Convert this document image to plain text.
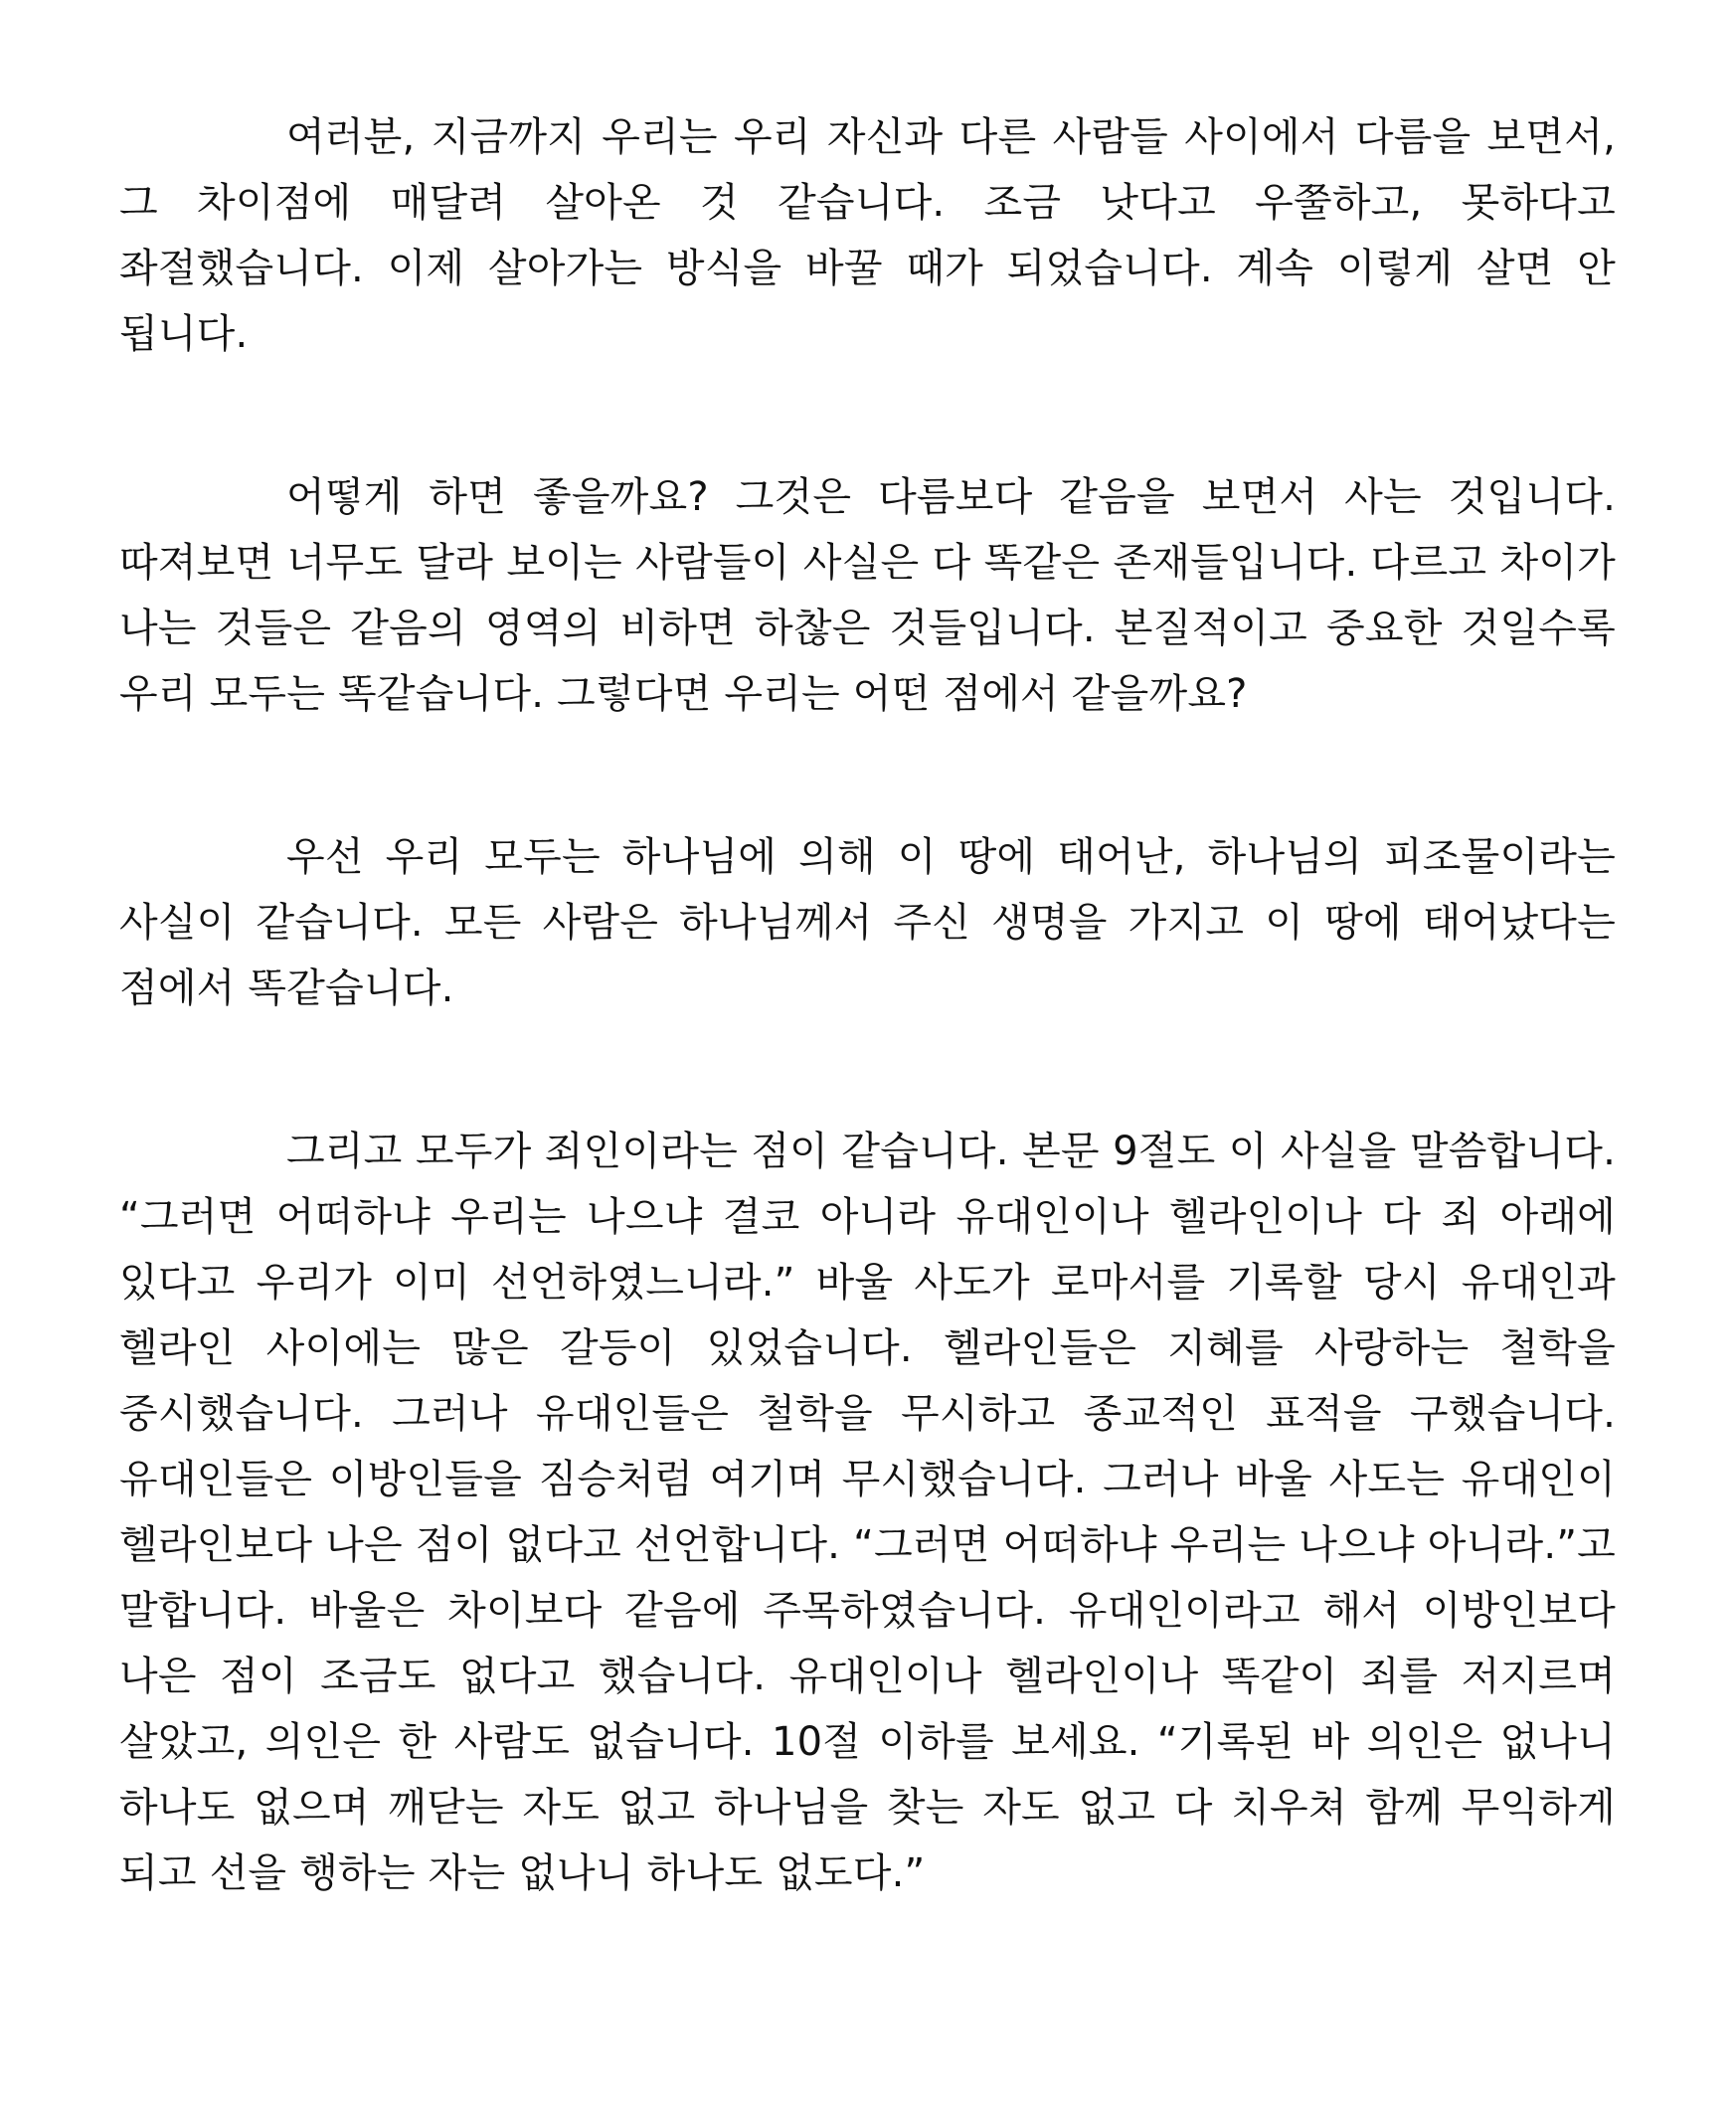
여러분, 지금까지 우리는 우리 자신과 다른 사람들 사이에서 다름을 보면서, 그 차이점에 매달려 살아온 것 같습니다. 조금 낫다고 우쭐하고, 못하다고 좌절했습니다. 이제 살아가는 방식을 바꿀 때가 되었습니다. 계속 이렇게 살면 안 됩니다.

어떻게 하면 좋을까요? 그것은 다름보다 같음을 보면서 사는 것입니다. 따져보면 너무도 달라 보이는 사람들이 사실은 다 똑같은 존재들입니다. 다르고 차이가 나는 것들은 같음의 영역의 비하면 하찮은 것들입니다. 본질적이고 중요한 것일수록 우리 모두는 똑같습니다. 그렇다면 우리는 어떤 점에서 같을까요?

우선 우리 모두는 하나님에 의해 이 땅에 태어난, 하나님의 피조물이라는 사실이 같습니다. 모든 사람은 하나님께서 주신 생명을 가지고 이 땅에 태어났다는 점에서 똑같습니다.

그리고 모두가 죄인이라는 점이 같습니다. 본문 9절도 이 사실을 말씀합니다. “그러면 어떠하냐 우리는 나으냐 결코 아니라 유대인이나 헬라인이나 다 죄 아래에 있다고 우리가 이미 선언하였느니라.” 바울 사도가 로마서를 기록할 당시 유대인과 헬라인 사이에는 많은 갈등이 있었습니다. 헬라인들은 지혜를 사랑하는 철학을 중시했습니다. 그러나 유대인들은 철학을 무시하고 종교적인 표적을 구했습니다. 유대인들은 이방인들을 짐승처럼 여기며 무시했습니다. 그러나 바울 사도는 유대인이 헬라인보다 나은 점이 없다고 선언합니다. “그러면 어떠하냐 우리는 나으냐 아니라.”고 말합니다. 바울은 차이보다 같음에 주목하였습니다. 유대인이라고 해서 이방인보다 나은 점이 조금도 없다고 했습니다. 유대인이나 헬라인이나 똑같이 죄를 저지르며 살았고, 의인은 한 사람도 없습니다. 10절 이하를 보세요. “기록된 바 의인은 없나니 하나도 없으며 깨닫는 자도 없고 하나님을 찾는 자도 없고 다 치우쳐 함께 무익하게 되고 선을 행하는 자는 없나니 하나도 없도다.”
